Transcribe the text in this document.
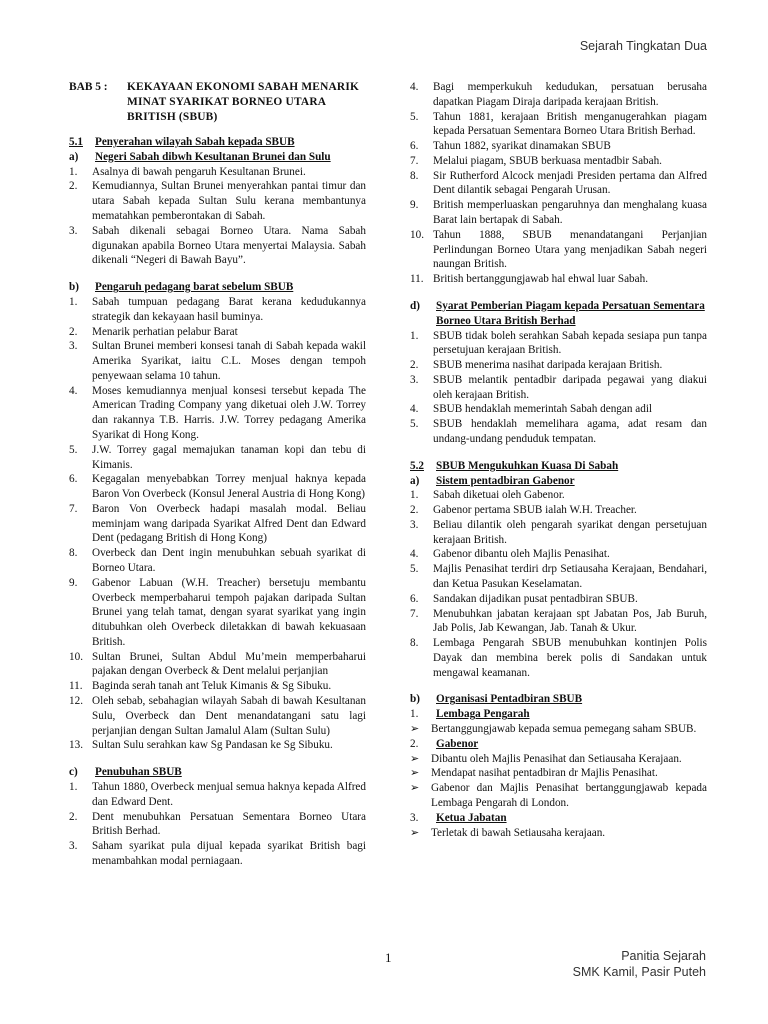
Sejarah Tingkatan Dua
BAB 5 :	KEKAYAAN EKONOMI SABAH MENARIK MINAT SYARIKAT BORNEO UTARA BRITISH (SBUB)
5.1	Penyerahan wilayah Sabah kepada SBUB
a)	Negeri Sabah dibwh Kesultanan Brunei dan Sulu
1.	Asalnya di bawah pengaruh Kesultanan Brunei.
2.	Kemudiannya, Sultan Brunei menyerahkan pantai timur dan utara Sabah kepada Sultan Sulu kerana membantunya mematahkan pemberontakan di Sabah.
3.	Sabah dikenali sebagai Borneo Utara. Nama Sabah digunakan apabila Borneo Utara menyertai Malaysia. Sabah dikenali “Negeri di Bawah Bayu”.
b)	Pengaruh pedagang barat sebelum SBUB
1.	Sabah tumpuan pedagang Barat kerana kedudukannya strategik dan kekayaan hasil buminya.
2.	Menarik perhatian pelabur Barat
3.	Sultan Brunei memberi konsesi tanah di Sabah kepada wakil Amerika Syarikat, iaitu C.L. Moses dengan tempoh penyewaan selama 10 tahun.
4.	Moses kemudiannya menjual konsesi tersebut kepada The American Trading Company yang diketuai oleh J.W. Torrey dan rakannya T.B. Harris. J.W. Torrey pedagang Amerika Syarikat di Hong Kong.
5.	J.W. Torrey gagal memajukan tanaman kopi dan tebu di Kimanis.
6.	Kegagalan menyebabkan Torrey menjual haknya kepada Baron Von Overbeck (Konsul Jeneral Austria di Hong Kong)
7.	Baron Von Overbeck hadapi masalah modal. Beliau meminjam wang daripada Syarikat Alfred Dent dan Edward Dent (pedagang British di Hong Kong)
8.	Overbeck dan Dent ingin menubuhkan sebuah syarikat di Borneo Utara.
9.	Gabenor Labuan (W.H. Treacher) bersetuju membantu Overbeck memperbaharui tempoh pajakan daripada Sultan Brunei yang telah tamat, dengan syarat syarikat yang ingin ditubuhkan oleh Overbeck diletakkan di bawah kekuasaan British.
10. Sultan Brunei, Sultan Abdul Mu’mein memperbaharui pajakan dengan Overbeck & Dent melalui perjanjian
11. Baginda serah tanah ant Teluk Kimanis & Sg Sibuku.
12. Oleh sebab, sebahagian wilayah Sabah di bawah Kesultanan Sulu, Overbeck dan Dent menandatangani satu lagi perjanjian dengan Sultan Jamalul Alam (Sultan Sulu)
13. Sultan Sulu serahkan kaw Sg Pandasan ke Sg Sibuku.
c)	Penubuhan SBUB
1.	Tahun 1880, Overbeck menjual semua haknya kepada Alfred dan Edward Dent.
2.	Dent menubuhkan Persatuan Sementara Borneo Utara British Berhad.
3.	Saham syarikat pula dijual kepada syarikat British bagi menambahkan modal perniagaan.
4.	Bagi memperkukuh kedudukan, persatuan berusaha dapatkan Piagam Diraja daripada kerajaan British.
5.	Tahun 1881, kerajaan British menganugerahkan piagam kepada Persatuan Sementara Borneo Utara British Berhad.
6.	Tahun 1882, syarikat dinamakan SBUB
7.	Melalui piagam, SBUB berkuasa mentadbir Sabah.
8.	Sir Rutherford Alcock menjadi Presiden pertama dan Alfred Dent dilantik sebagai Pengarah Urusan.
9.	British memperluaskan pengaruhnya dan menghalang kuasa Barat lain bertapak di Sabah.
10. Tahun 1888, SBUB menandatangani Perjanjian Perlindungan Borneo Utara yang menjadikan Sabah negeri naungan British.
11. British bertanggungjawab hal ehwal luar Sabah.
d)	Syarat Pemberian Piagam kepada Persatuan Sementara Borneo Utara British Berhad
1.	SBUB tidak boleh serahkan Sabah kepada sesiapa pun tanpa persetujuan kerajaan British.
2.	SBUB menerima nasihat daripada kerajaan British.
3.	SBUB melantik pentadbir daripada pegawai yang diakui oleh kerajaan British.
4.	SBUB hendaklah memerintah Sabah dengan adil
5.	SBUB hendaklah memelihara agama, adat resam dan undang-undang penduduk tempatan.
5.2	SBUB Mengukuhkan Kuasa Di Sabah
a)	Sistem pentadbiran Gabenor
1.	Sabah diketuai oleh Gabenor.
2.	Gabenor pertama SBUB ialah W.H. Treacher.
3.	Beliau dilantik oleh pengarah syarikat dengan persetujuan kerajaan British.
4.	Gabenor dibantu oleh Majlis Penasihat.
5.	Majlis Penasihat terdiri drp Setiausaha Kerajaan, Bendahari, dan Ketua Pasukan Keselamatan.
6.	Sandakan dijadikan pusat pentadbiran SBUB.
7.	Menubuhkan jabatan kerajaan spt Jabatan Pos, Jab Buruh, Jab Polis, Jab Kewangan, Jab. Tanah & Ukur.
8.	Lembaga Pengarah SBUB menubuhkan kontinjen Polis Dayak dan membina berek polis di Sandakan untuk mengawal keamanan.
b)	Organisasi Pentadbiran SBUB
1.	Lembaga Pengarah
➢	Bertanggungjawab kepada semua pemegang saham SBUB.
2.	Gabenor
➢	Dibantu oleh Majlis Penasihat dan Setiausaha Kerajaan.
➢	Mendapat nasihat pentadbiran dr Majlis Penasihat.
➢	Gabenor dan Majlis Penasihat bertanggungjawab kepada Lembaga Pengarah di London.
3.	Ketua Jabatan
➢	Terletak di bawah Setiausaha kerajaan.
1	Panitia Sejarah
SMK Kamil, Pasir Puteh
